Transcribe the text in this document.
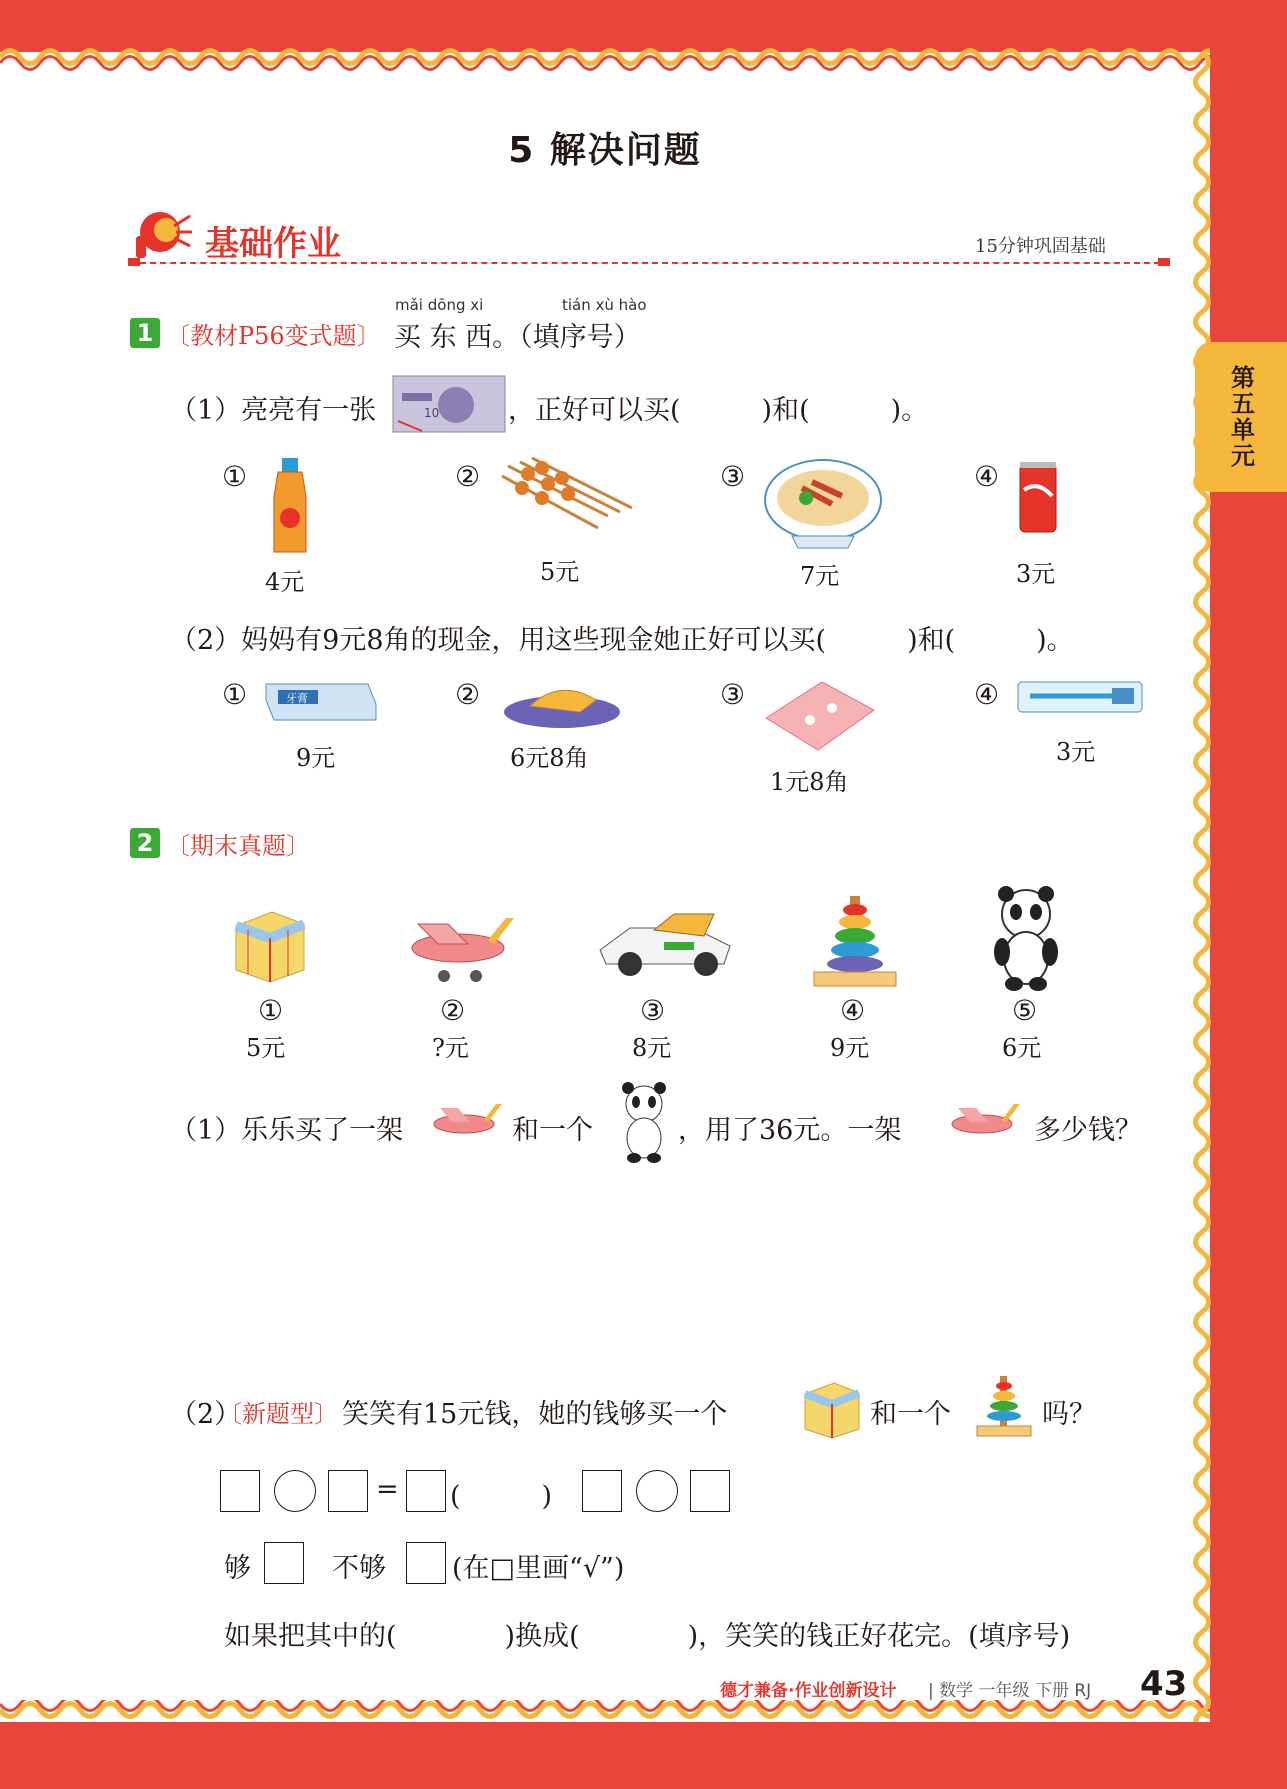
5 解决问题
基础作业	15分钟巩固基础
第五单元
1 〔教材P56变式题〕
mǎi dōng xi	tián xù hào
买 东 西。（填序号）
（1）亮亮有一张	10	，正好可以买(　　　)和(　　　)。
①
4元
②
5元
③
7元
④
3元
（2）妈妈有9元8角的现金，用这些现金她正好可以买(　　　)和(　　　)。
①	牙膏
9元
②
6元8角
③
1元8角
④
3元
2 〔期末真题〕
①
5元
②
?元
③
8元
④
9元
⑤
6元
（1）乐乐买了一架	和一个	，用了36元。一架	多少钱？
（2）
〔新题型〕 笑笑有15元钱，她的钱够买一个	和一个	吗？
= (　　　)
够	不够 (在□里画“√”)
如果把其中的(　　　　)换成(　　　　)，笑笑的钱正好花完。(填序号)
德才兼备·作业创新设计 | 数学 一年级 下册 RJ 43
